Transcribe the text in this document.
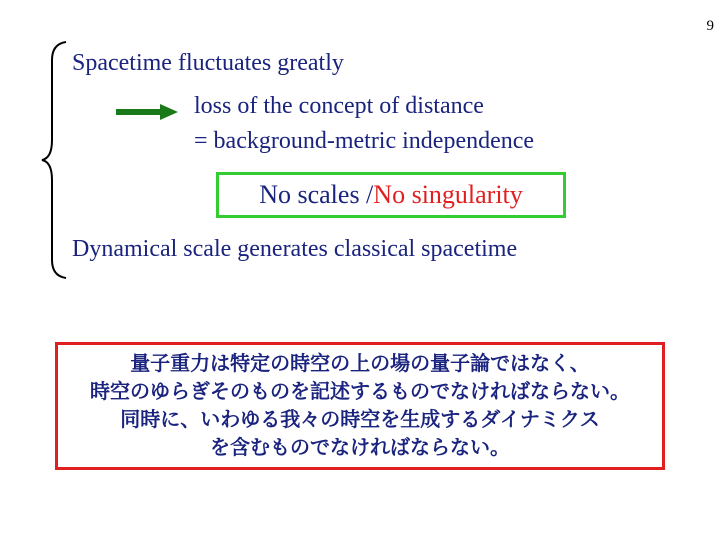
9
Spacetime fluctuates greatly
loss of the concept of distance
= background-metric independence
No scales / No singularity
Dynamical scale generates classical spacetime
量子重力は特定の時空の上の場の量子論ではなく、
時空のゆらぎそのものを記述するものでなければならない。
同時に、いわゆる我々の時空を生成するダイナミクス
を含むものでなければならない。
